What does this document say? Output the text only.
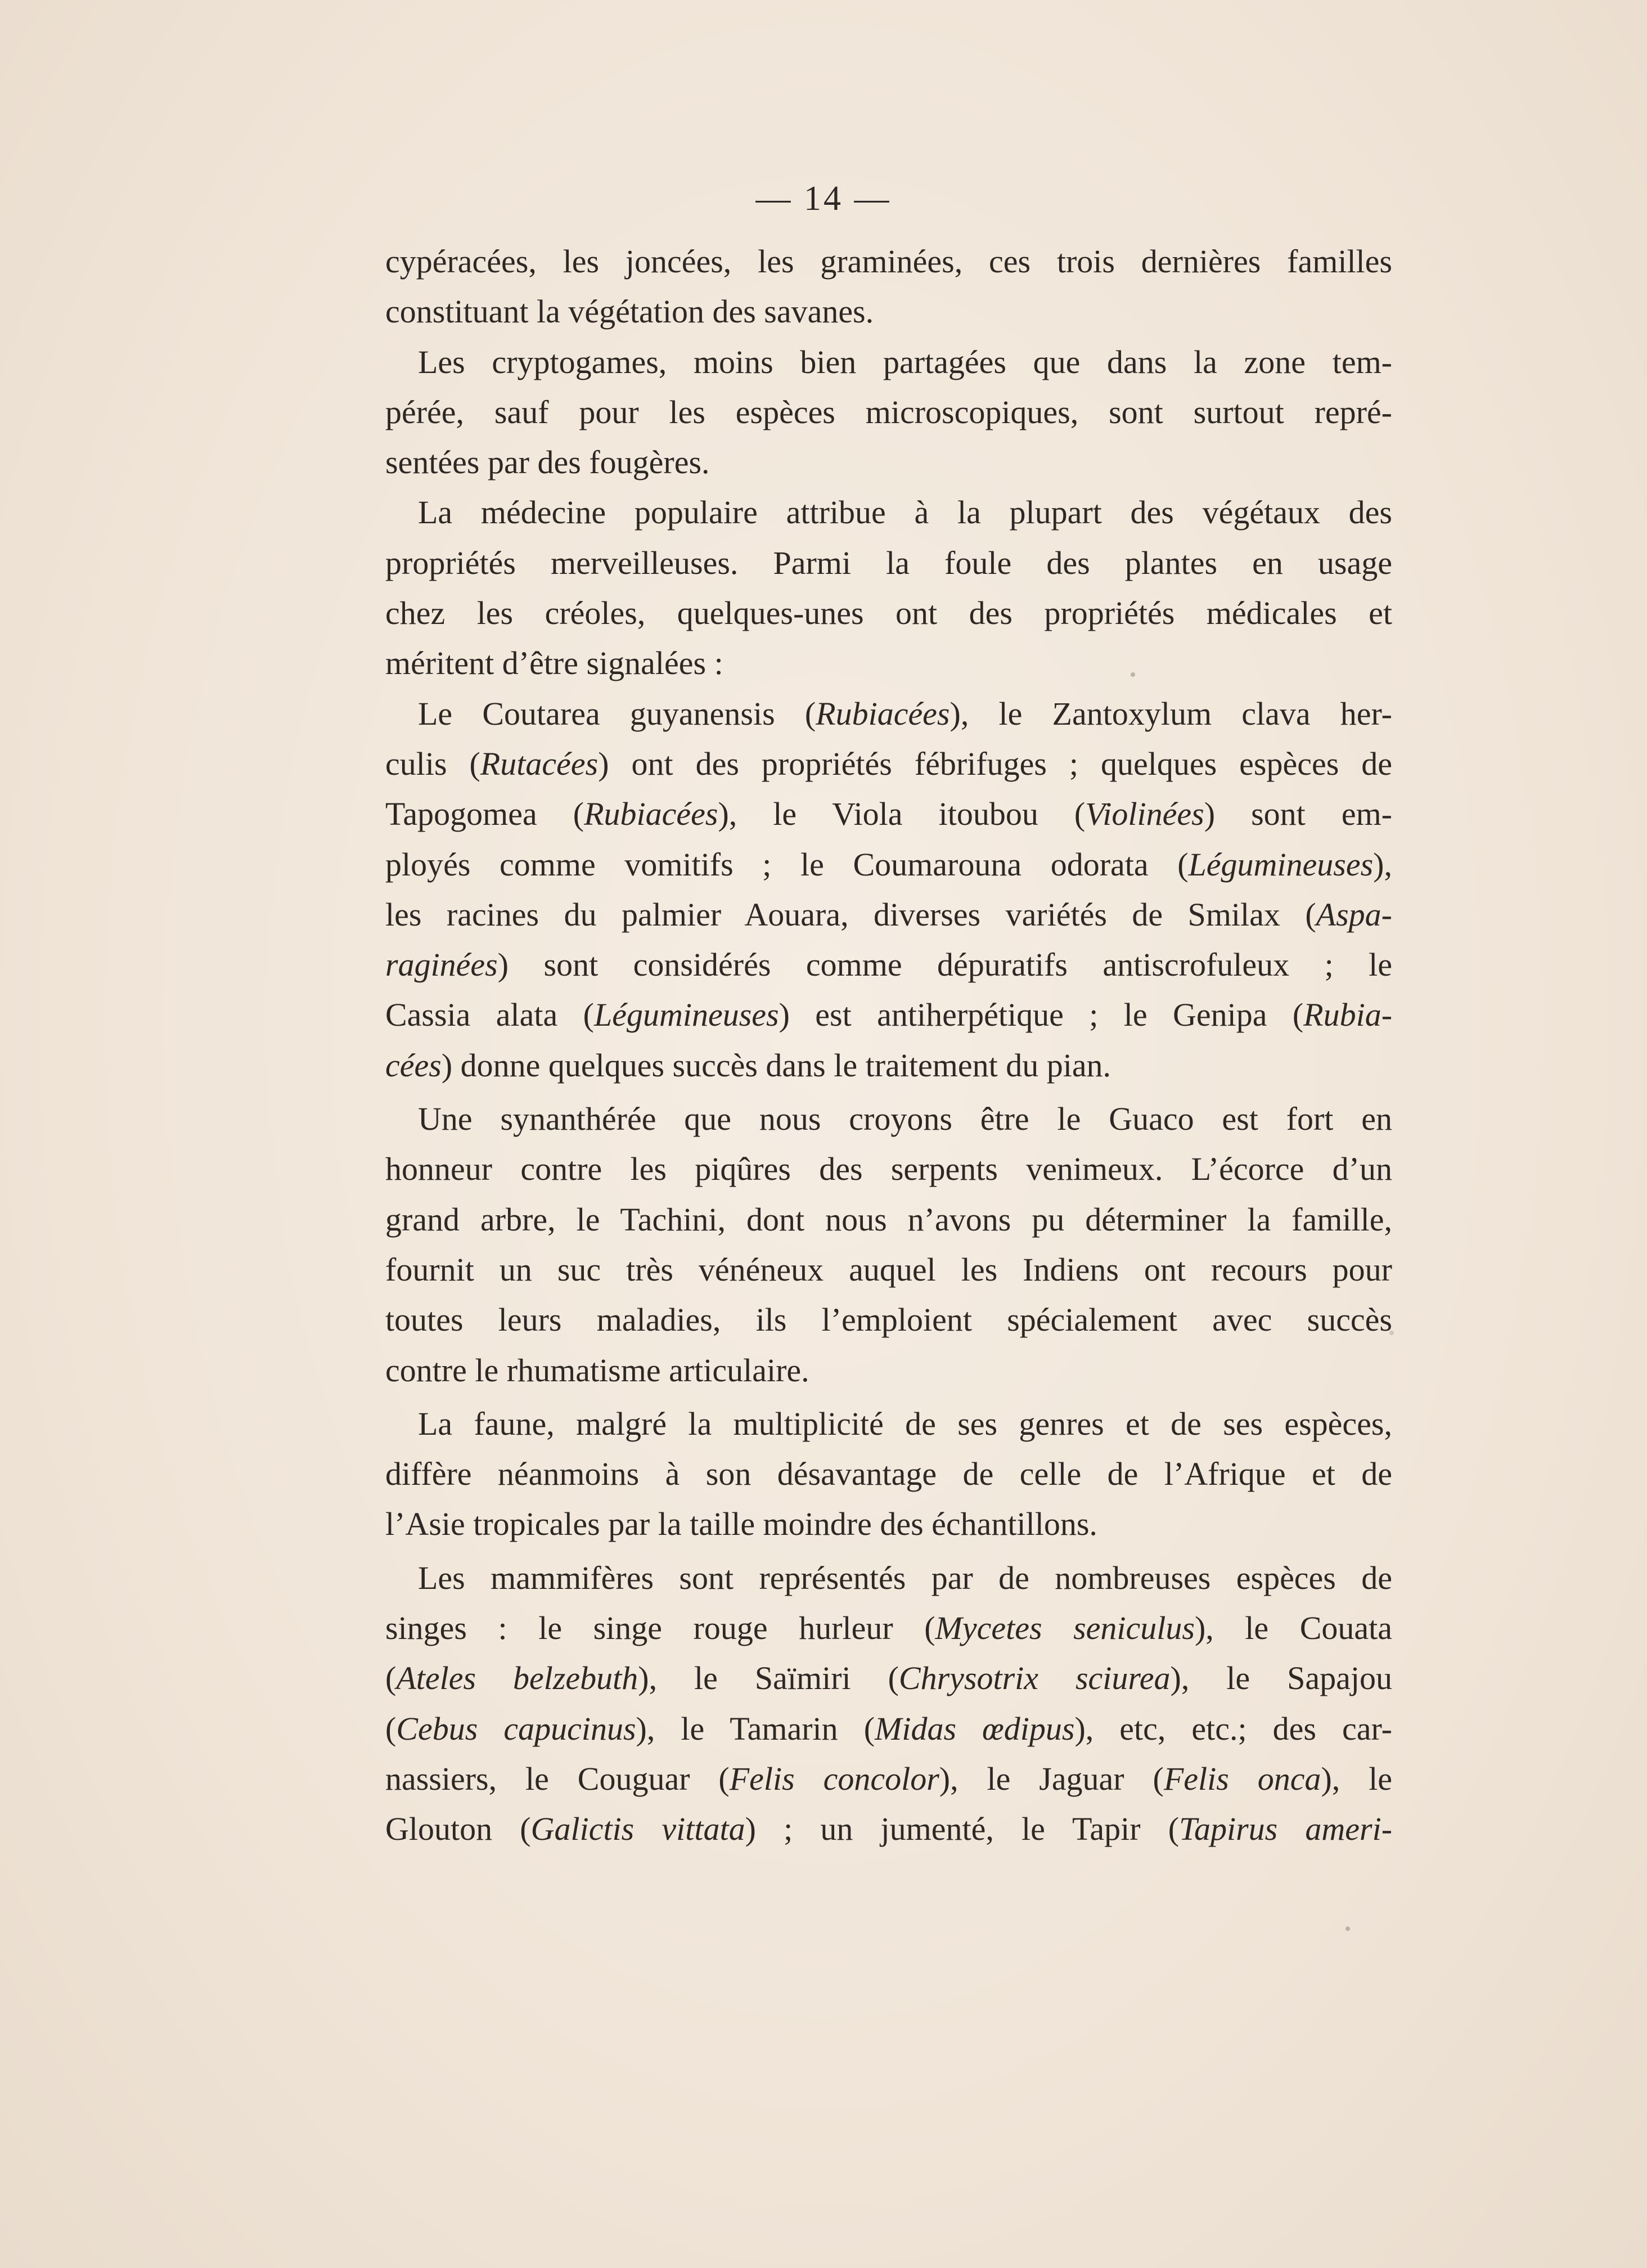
— 14 —
cypéracées, les joncées, les graminées, ces trois dernières familles
constituant la végétation des savanes.
Les cryptogames, moins bien partagées que dans la zone tem-
pérée, sauf pour les espèces microscopiques, sont surtout repré-
sentées par des fougères.
La médecine populaire attribue à la plupart des végétaux des
propriétés merveilleuses. Parmi la foule des plantes en usage
chez les créoles, quelques-unes ont des propriétés médicales et
méritent d’être signalées :
Le Coutarea guyanensis (Rubiacées), le Zantoxylum clava her-
culis (Rutacées) ont des propriétés fébrifuges ; quelques espèces de
Tapogomea (Rubiacées), le Viola itoubou (Violinées) sont em-
ployés comme vomitifs ; le Coumarouna odorata (Légumineuses),
les racines du palmier Aouara, diverses variétés de Smilax (Aspa-
raginées) sont considérés comme dépuratifs antiscrofuleux ; le
Cassia alata (Légumineuses) est antiherpétique ; le Genipa (Rubia-
cées) donne quelques succès dans le traitement du pian.
Une synanthérée que nous croyons être le Guaco est fort en
honneur contre les piqûres des serpents venimeux. L’écorce d’un
grand arbre, le Tachini, dont nous n’avons pu déterminer la famille,
fournit un suc très vénéneux auquel les Indiens ont recours pour
toutes leurs maladies, ils l’emploient spécialement avec succès
contre le rhumatisme articulaire.
La faune, malgré la multiplicité de ses genres et de ses espèces,
diffère néanmoins à son désavantage de celle de l’Afrique et de
l’Asie tropicales par la taille moindre des échantillons.
Les mammifères sont représentés par de nombreuses espèces de
singes : le singe rouge hurleur (Mycetes seniculus), le Couata
(Ateles belzebuth), le Saïmiri (Chrysotrix sciurea), le Sapajou
(Cebus capucinus), le Tamarin (Midas œdipus), etc, etc.; des car-
nassiers, le Couguar (Felis concolor), le Jaguar (Felis onca), le
Glouton (Galictis vittata) ; un jumenté, le Tapir (Tapirus ameri-
